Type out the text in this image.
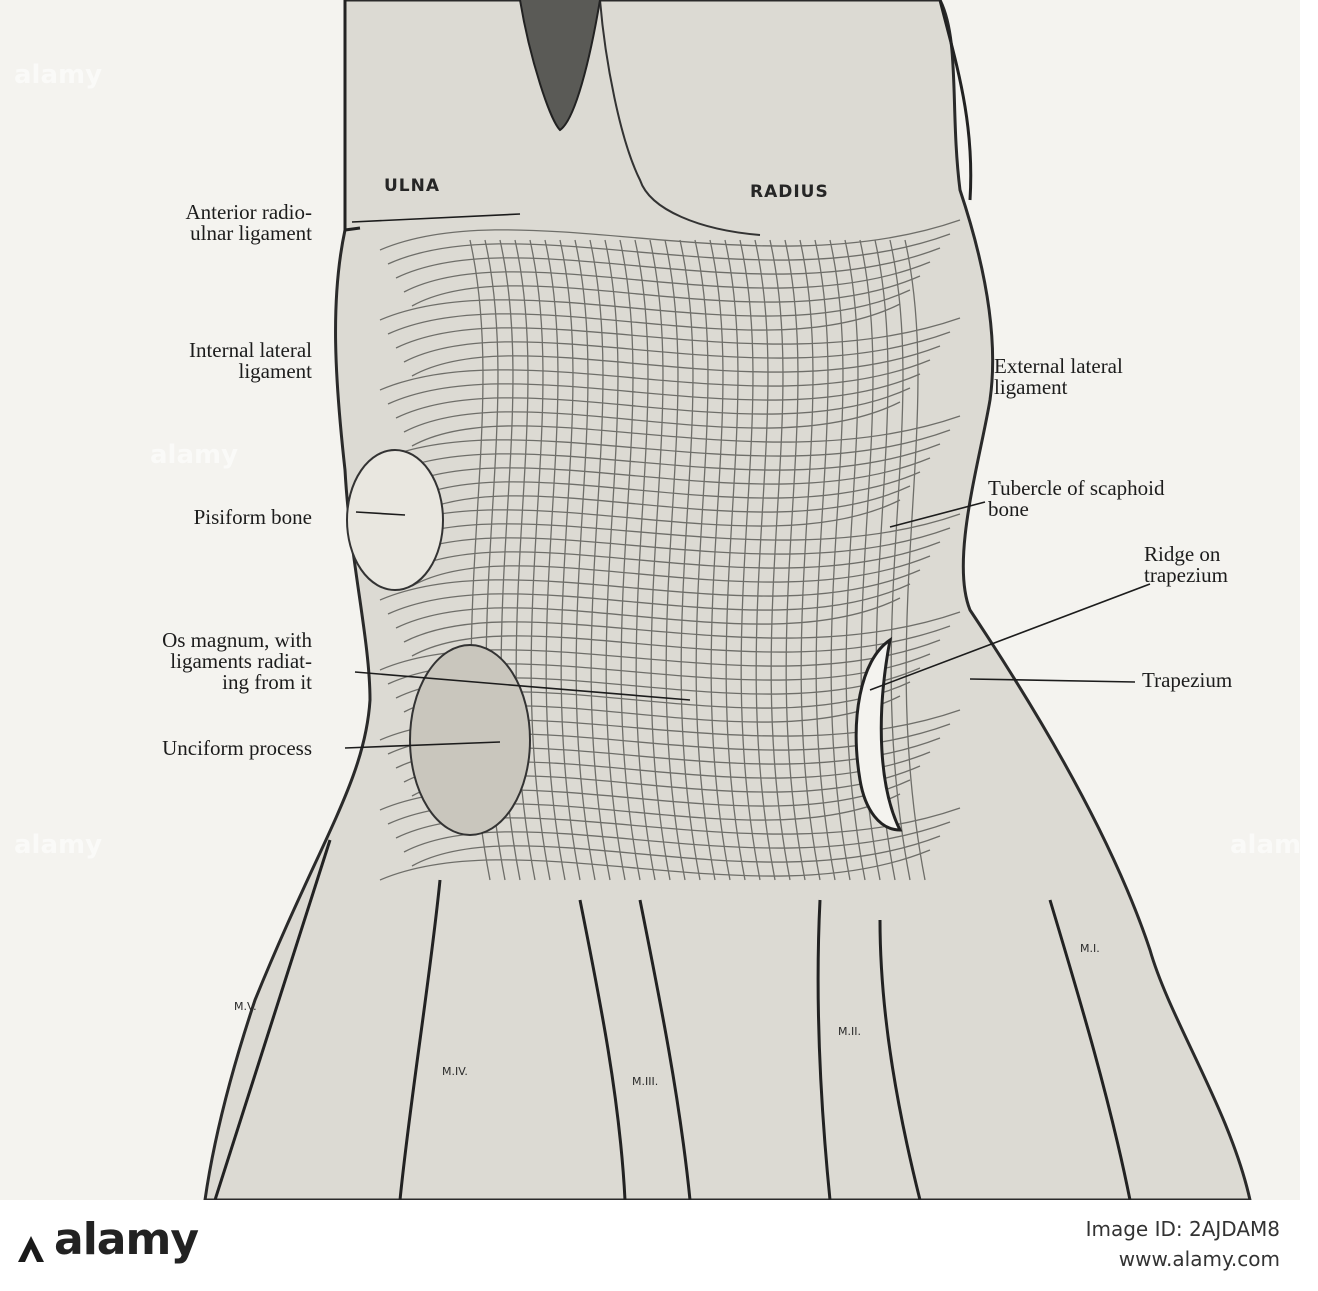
alamy
alamy
alamy	alamy
ULNA	RADIUS
Anterior radio-
ulnar ligament
Internal lateral
ligament
Pisiform bone
Os magnum, with
ligaments radiat-
ing from it
Unciform process
External lateral
ligament
Tubercle of scaphoid
bone
Ridge on
trapezium
Trapezium
M.I.
M.II.
M.III.
M.IV.
M.V.
alamy	Image ID: 2AJDAM8
www.alamy.com
